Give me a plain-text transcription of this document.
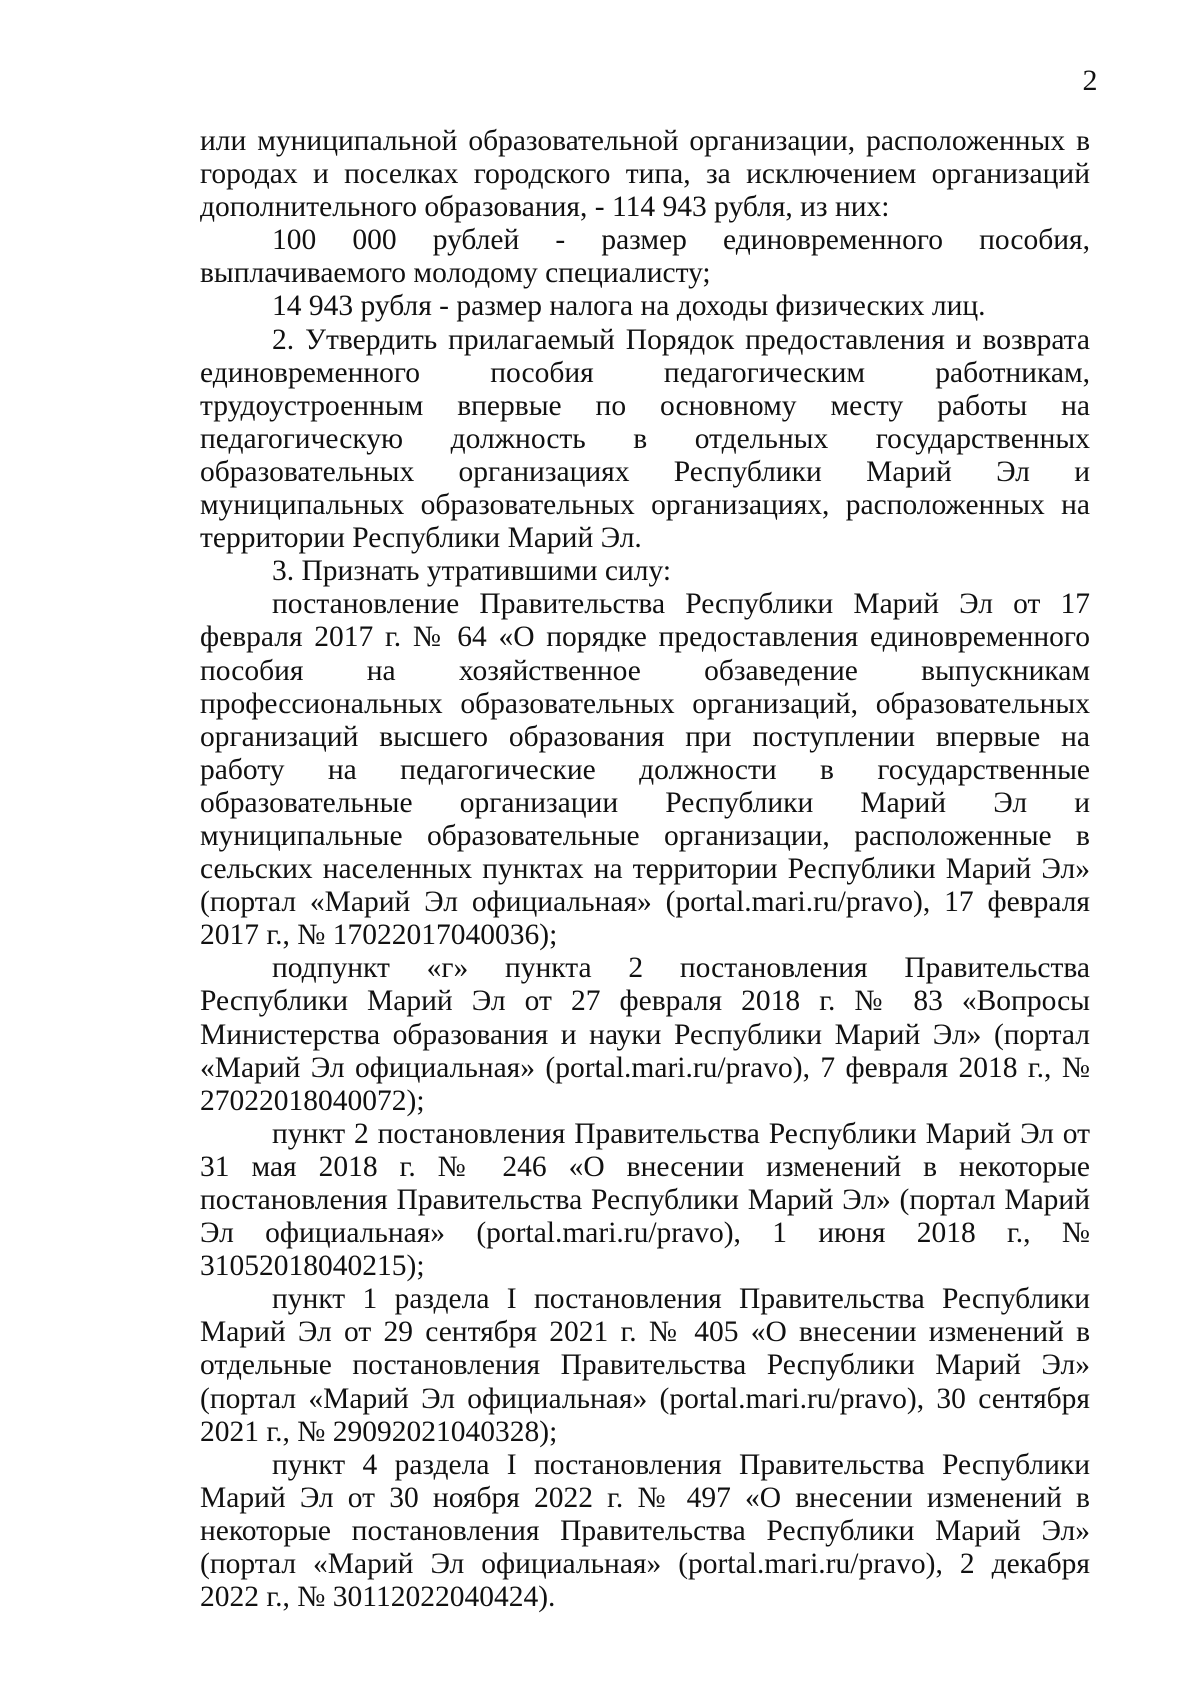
2

или муниципальной образовательной организации, расположенных в городах и поселках городского типа, за исключением организаций дополнительного образования, - 114 943 рубля, из них:

100 000 рублей - размер единовременного пособия, выплачиваемого молодому специалисту;

14 943 рубля - размер налога на доходы физических лиц.

2. Утвердить прилагаемый Порядок предоставления и возврата единовременного пособия педагогическим работникам, трудоустроенным впервые по основному месту работы на педагогическую должность в отдельных государственных образовательных организациях Республики Марий Эл и муниципальных образовательных организациях, расположенных на территории Республики Марий Эл.

3. Признать утратившими силу:

постановление Правительства Республики Марий Эл от 17 февраля 2017 г. № 64 «О порядке предоставления единовременного пособия на хозяйственное обзаведение выпускникам профессиональных образовательных организаций, образовательных организаций высшего образования при поступлении впервые на работу на педагогические должности в государственные образовательные организации Республики Марий Эл и муниципальные образовательные организации, расположенные в сельских населенных пунктах на территории Республики Марий Эл» (портал «Марий Эл официальная» (portal.mari.ru/pravo), 17 февраля 2017 г., № 17022017040036);

подпункт «г» пункта 2 постановления Правительства Республики Марий Эл от 27 февраля 2018 г. № 83 «Вопросы Министерства образования и науки Республики Марий Эл» (портал «Марий Эл официальная» (portal.mari.ru/pravo), 7 февраля 2018 г., № 27022018040072);

пункт 2 постановления Правительства Республики Марий Эл от 31 мая 2018 г. № 246 «О внесении изменений в некоторые постановления Правительства Республики Марий Эл» (портал Марий Эл официальная» (portal.mari.ru/pravo), 1 июня 2018 г., № 31052018040215);

пункт 1 раздела I постановления Правительства Республики Марий Эл от 29 сентября 2021 г. № 405 «О внесении изменений в отдельные постановления Правительства Республики Марий Эл» (портал «Марий Эл официальная» (portal.mari.ru/pravo), 30 сентября 2021 г., № 29092021040328);

пункт 4 раздела I постановления Правительства Республики Марий Эл от 30 ноября 2022 г. № 497 «О внесении изменений в некоторые постановления Правительства Республики Марий Эл» (портал «Марий Эл официальная» (portal.mari.ru/pravo), 2 декабря 2022 г., № 30112022040424).
